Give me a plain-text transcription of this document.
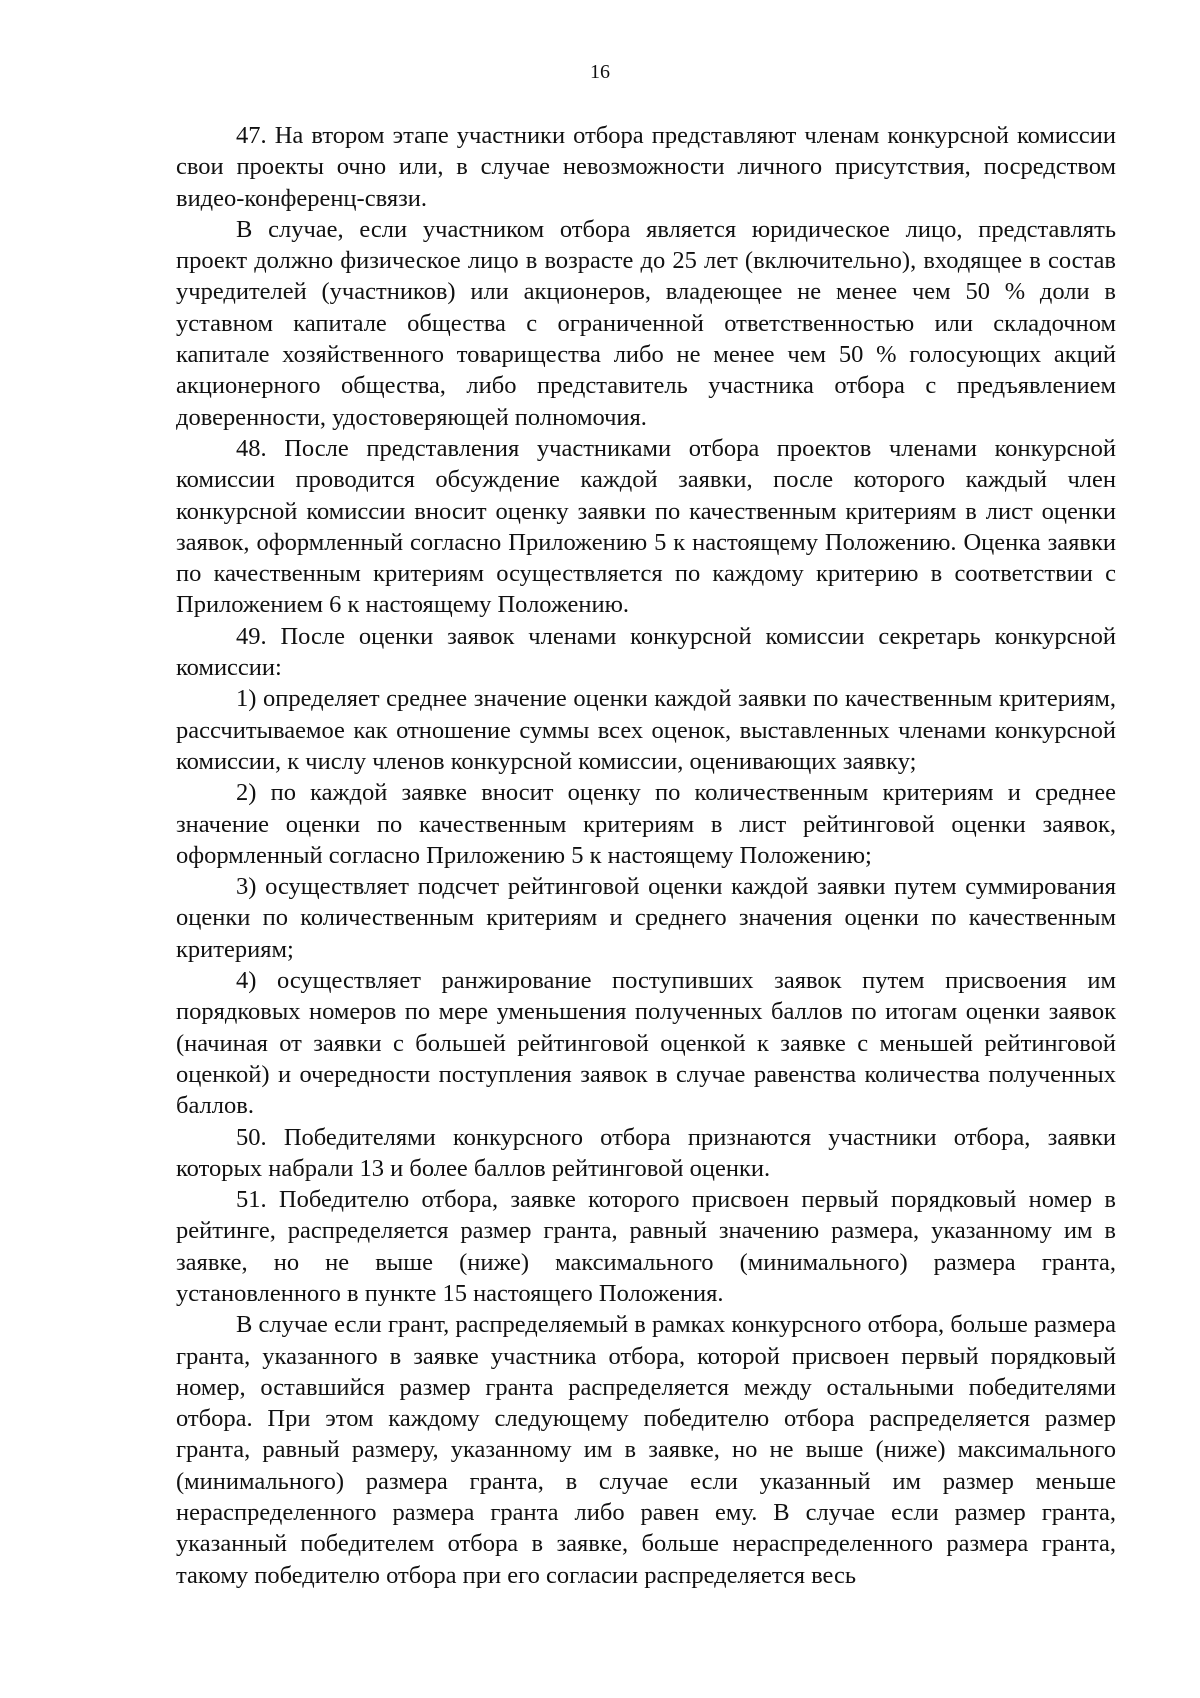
16

47. На втором этапе участники отбора представляют членам конкурсной комиссии свои проекты очно или, в случае невозможности личного присутствия, посредством видео-конференц-связи.

В случае, если участником отбора является юридическое лицо, представлять проект должно физическое лицо в возрасте до 25 лет (включительно), входящее в состав учредителей (участников) или акционеров, владеющее не менее чем 50 % доли в уставном капитале общества с ограниченной ответственностью или складочном капитале хозяйственного товарищества либо не менее чем 50 % голосующих акций акционерного общества, либо представитель участника отбора с предъявлением доверенности, удостоверяющей полномочия.

48. После представления участниками отбора проектов членами конкурсной комиссии проводится обсуждение каждой заявки, после которого каждый член конкурсной комиссии вносит оценку заявки по качественным критериям в лист оценки заявок, оформленный согласно Приложению 5 к настоящему Положению. Оценка заявки по качественным критериям осуществляется по каждому критерию в соответствии с Приложением 6 к настоящему Положению.

49. После оценки заявок членами конкурсной комиссии секретарь конкурсной комиссии:

1) определяет среднее значение оценки каждой заявки по качественным критериям, рассчитываемое как отношение суммы всех оценок, выставленных членами конкурсной комиссии, к числу членов конкурсной комиссии, оценивающих заявку;

2) по каждой заявке вносит оценку по количественным критериям и среднее значение оценки по качественным критериям в лист рейтинговой оценки заявок, оформленный согласно Приложению 5 к настоящему Положению;

3) осуществляет подсчет рейтинговой оценки каждой заявки путем суммирования оценки по количественным критериям и среднего значения оценки по качественным критериям;

4) осуществляет ранжирование поступивших заявок путем присвоения им порядковых номеров по мере уменьшения полученных баллов по итогам оценки заявок (начиная от заявки с большей рейтинговой оценкой к заявке с меньшей рейтинговой оценкой) и очередности поступления заявок в случае равенства количества полученных баллов.

50. Победителями конкурсного отбора признаются участники отбора, заявки которых набрали 13 и более баллов рейтинговой оценки.

51. Победителю отбора, заявке которого присвоен первый порядковый номер в рейтинге, распределяется размер гранта, равный значению размера, указанному им в заявке, но не выше (ниже) максимального (минимального) размера гранта, установленного в пункте 15 настоящего Положения.

В случае если грант, распределяемый в рамках конкурсного отбора, больше размера гранта, указанного в заявке участника отбора, которой присвоен первый порядковый номер, оставшийся размер гранта распределяется между остальными победителями отбора. При этом каждому следующему победителю отбора распределяется размер гранта, равный размеру, указанному им в заявке, но не выше (ниже) максимального (минимального) размера гранта, в случае если указанный им размер меньше нераспределенного размера гранта либо равен ему. В случае если размер гранта, указанный победителем отбора в заявке, больше нераспределенного размера гранта, такому победителю отбора при его согласии распределяется весь
